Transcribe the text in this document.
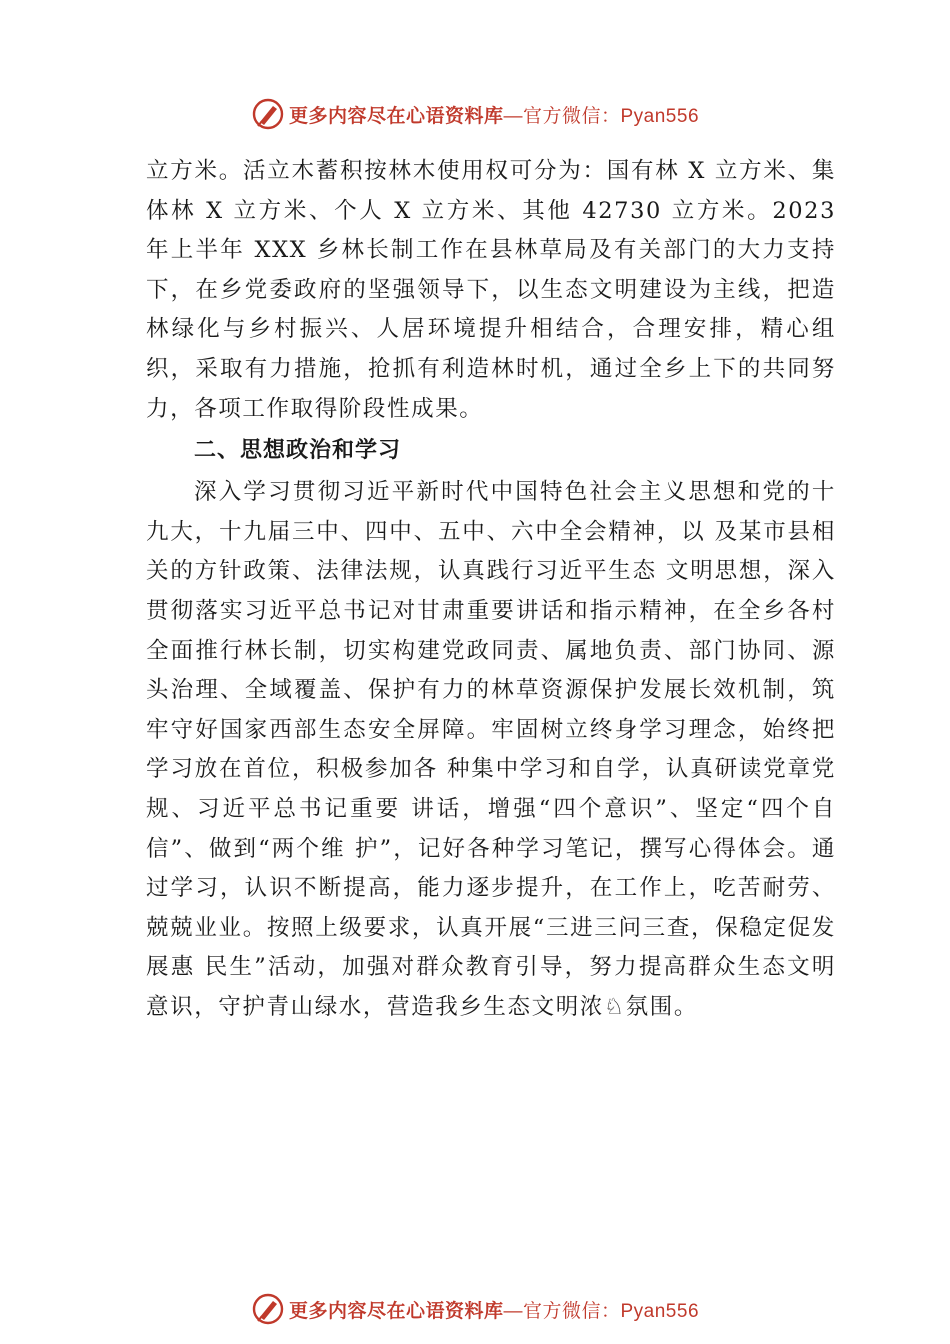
更多内容尽在心语资料库 —官方微信：Pyan556

立方米。活立木蓄积按林木使用权可分为：国有林 X 立方米、集体林 X 立方米、个人 X 立方米、其他 42730 立方米。2023 年上半年 XXX 乡林长制工作在县林草局及有关部门的大力支持下，在乡党委政府的坚强领导下，以生态文明建设为主线，把造林绿化与乡村振兴、人居环境提升相结合，合理安排，精心组织，采取有力措施，抢抓有利造林时机，通过全乡上下的共同努力，各项工作取得阶段性成果。

二、思想政治和学习

深入学习贯彻习近平新时代中国特色社会主义思想和党的十九大，十九届三中、四中、五中、六中全会精神，以 及某市县相关的方针政策、法律法规，认真践行习近平生态 文明思想，深入贯彻落实习近平总书记对甘肃重要讲话和指示精神，在全乡各村全面推行林长制，切实构建党政同责、属地负责、部门协同、源头治理、全域覆盖、保护有力的林草资源保护发展长效机制，筑牢守好国家西部生态安全屏障。牢固树立终身学习理念，始终把学习放在首位，积极参加各 种集中学习和自学，认真研读党章党规、习近平总书记重要 讲话，增强“四个意识”、坚定“四个自信”、做到“两个维 护”，记好各种学习笔记，撰写心得体会。通过学习，认识不断提高，能力逐步提升，在工作上，吃苦耐劳、兢兢业业。按照上级要求，认真开展“三进三问三查，保稳定促发展惠 民生”活动，加强对群众教育引导，努力提高群众生态文明 意识，守护青山绿水，营造我乡生态文明浓♘氛围。

更多内容尽在心语资料库 —官方微信：Pyan556
